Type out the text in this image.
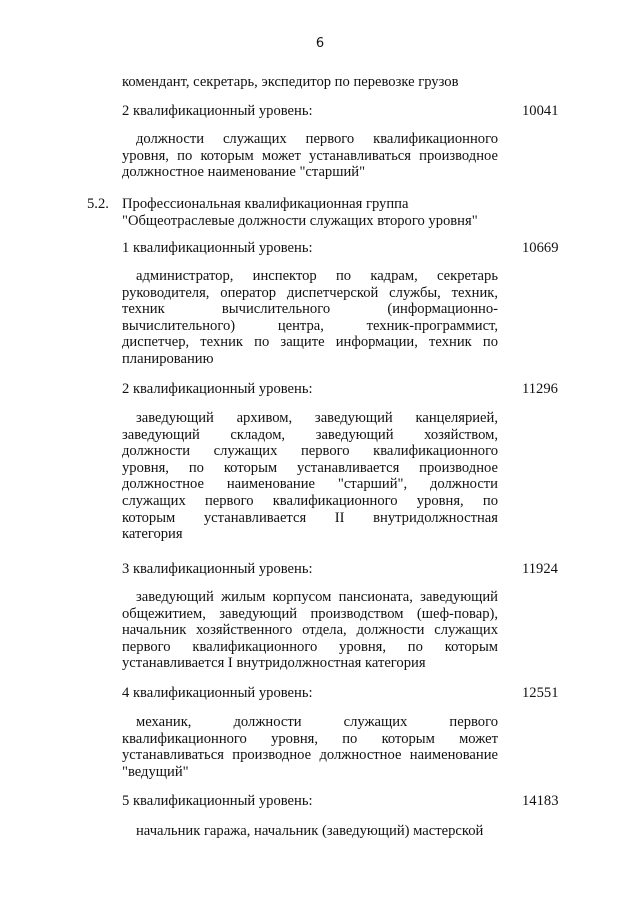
6
комендант, секретарь, экспедитор по перевозке грузов
2 квалификационный уровень:	10041
должности служащих первого квалификационного
уровня, по которым может устанавливаться производное
должностное наименование "старший"
5.2. Профессиональная квалификационная группа
"Общеотраслевые должности служащих второго уровня"
1 квалификационный уровень:	10669
администратор, инспектор по кадрам, секретарь
руководителя, оператор диспетчерской службы, техник,
техник вычислительного (информационно-
вычислительного) центра, техник-программист,
диспетчер, техник по защите информации, техник по
планированию
2 квалификационный уровень:	11296
заведующий архивом, заведующий канцелярией,
заведующий складом, заведующий хозяйством,
должности служащих первого квалификационного
уровня, по которым устанавливается производное
должностное наименование "старший", должности
служащих первого квалификационного уровня, по
которым устанавливается II внутридолжностная
категория
3 квалификационный уровень:	11924
заведующий жилым корпусом пансионата, заведующий
общежитием, заведующий производством (шеф-повар),
начальник хозяйственного отдела, должности служащих
первого квалификационного уровня, по которым
устанавливается I внутридолжностная категория
4 квалификационный уровень:	12551
механик, должности служащих первого
квалификационного уровня, по которым может
устанавливаться производное должностное наименование
"ведущий"
5 квалификационный уровень:	14183
начальник гаража, начальник (заведующий) мастерской
